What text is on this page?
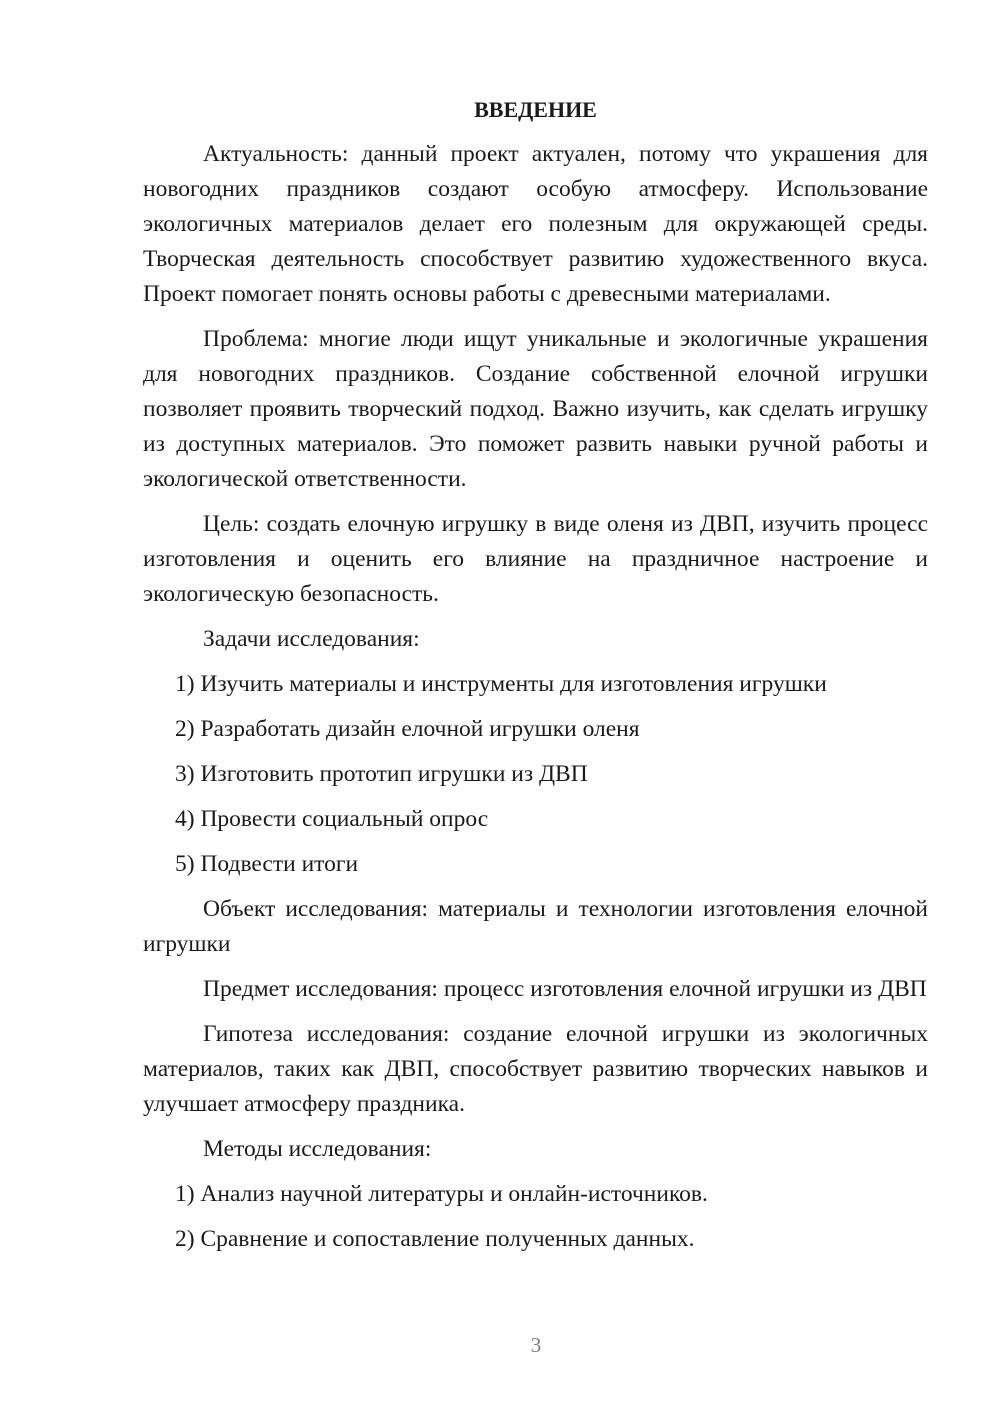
ВВЕДЕНИЕ

Актуальность: данный проект актуален, потому что украшения для новогодних праздников создают особую атмосферу. Использование экологичных материалов делает его полезным для окружающей среды. Творческая деятельность способствует развитию художественного вкуса. Проект помогает понять основы работы с древесными материалами.

Проблема: многие люди ищут уникальные и экологичные украшения для новогодних праздников. Создание собственной елочной игрушки позволяет проявить творческий подход. Важно изучить, как сделать игрушку из доступных материалов. Это поможет развить навыки ручной работы и экологической ответственности.

Цель: создать елочную игрушку в виде оленя из ДВП, изучить процесс изготовления и оценить его влияние на праздничное настроение и экологическую безопасность.

Задачи исследования:

1) Изучить материалы и инструменты для изготовления игрушки

2) Разработать дизайн елочной игрушки оленя

3) Изготовить прототип игрушки из ДВП

4) Провести социальный опрос

5) Подвести итоги

Объект исследования: материалы и технологии изготовления елочной игрушки

Предмет исследования: процесс изготовления елочной игрушки из ДВП

Гипотеза исследования: создание елочной игрушки из экологичных материалов, таких как ДВП, способствует развитию творческих навыков и улучшает атмосферу праздника.

Методы исследования:

1) Анализ научной литературы и онлайн-источников.

2) Сравнение и сопоставление полученных данных.

3
